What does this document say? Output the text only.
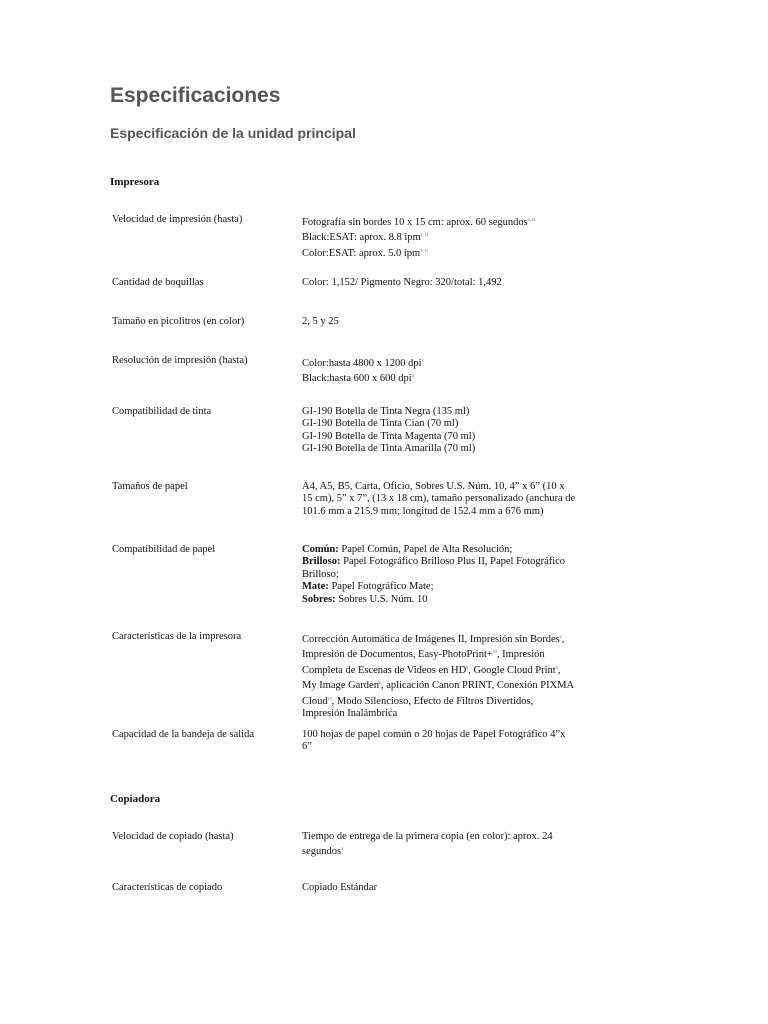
Especificaciones
Especificación de la unidad principal
Impresora
Velocidad de impresión (hasta)	Fotografía sin bordes 10 x 15 cm: aprox. 60 segundos$^{2, 11}$
Black:ESAT: aprox. 8.8 ipm$^{1, 11}$
Color:ESAT: aprox. 5.0 ipm$^{1, 11}$
Cantidad de boquillas	Color: 1,152/ Pigmento Negro: 320/total: 1,492
Tamaño en picolitros (en color)	2, 5 y 25
Resolución de impresión (hasta)	Color:hasta 4800 x 1200 dpi$^4$
Black:hasta 600 x 600 dpi$^4$
Compatibilidad de tinta	GI-190 Botella de Tinta Negra (135 ml)
GI-190 Botella de Tinta Cian (70 ml)
GI-190 Botella de Tinta Magenta (70 ml)
GI-190 Botella de Tinta Amarilla (70 ml)
Tamaños de papel	A4, A5, B5, Carta, Oficio, Sobres U.S. Núm. 10, 4” x 6” (10 x
15 cm), 5” x 7”, (13 x 18 cm), tamaño personalizado (anchura de
101.6 mm a 215.9 mm; longitud de 152.4 mm a 676 mm)
Compatibilidad de papel	Común: Papel Común, Papel de Alta Resolución;
Brilloso: Papel Fotográfico Brilloso Plus II, Papel Fotográfico
Brilloso;
Mate: Papel Fotográfico Mate;
Sobres: Sobres U.S. Núm. 10
Características de la impresora	Corrección Automática de Imágenes II, Impresión sin Bordes$^2$,
Impresión de Documentos, Easy-PhotoPrint+$^{19}$, Impresión
Completa de Escenas de Videos en $HD^8$, Google Cloud Print$^5$,
My Image Garden$^6$, aplicación Canon PRINT, Conexión PIXMA
Cloud$^{15}$, Modo Silencioso, Efecto de Filtros Divertidos,
Impresión Inalámbrica
Capacidad de la bandeja de salida	100 hojas de papel común o 20 hojas de Papel Fotográfico 4”x
6”
Copiadora
Velocidad de copiado (hasta)	Tiempo de entrega de la primera copia (en color): aprox. 24
segundos$^3$
Características de copiado	Copiado Estándar
